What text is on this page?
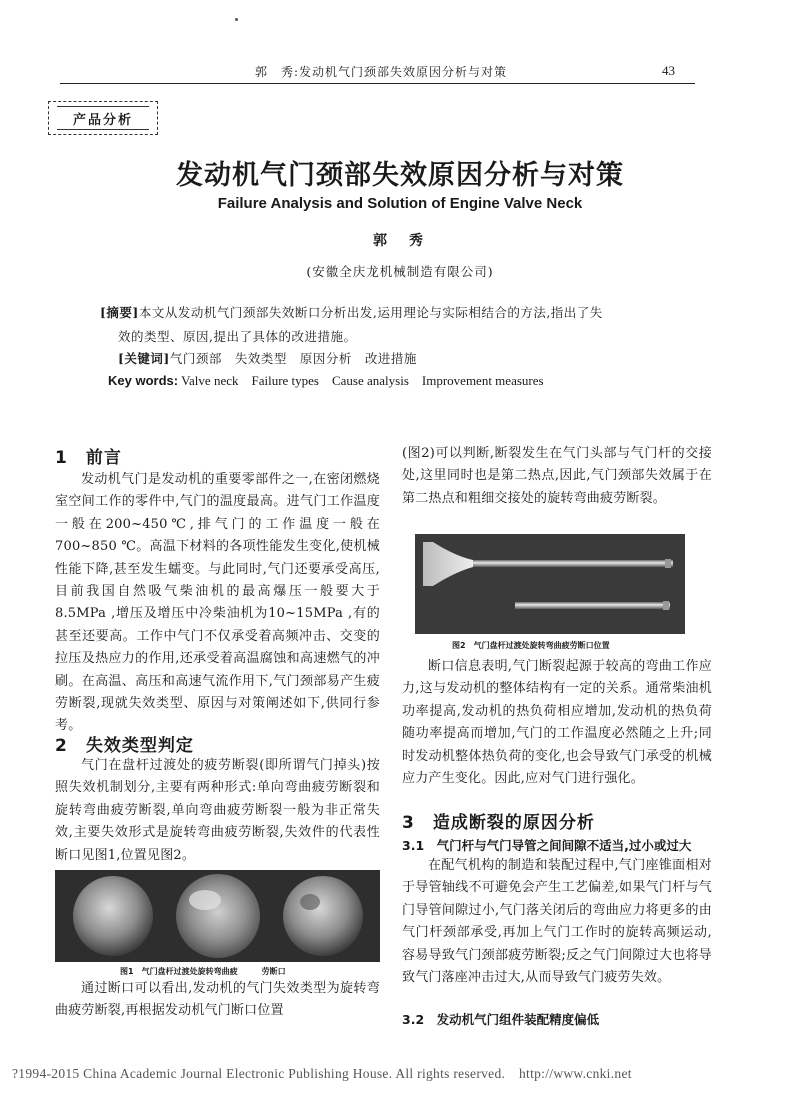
郭　秀:发动机气门颈部失效原因分析与对策	43
产品分析
发动机气门颈部失效原因分析与对策
Failure Analysis and Solution of Engine Valve Neck
郭　秀
(安徽全庆龙机械制造有限公司)
[摘要]本文从发动机气门颈部失效断口分析出发,运用理论与实际相结合的方法,指出了失
效的类型、原因,提出了具体的改进措施。
[关键词]气门颈部　失效类型　原因分析　改进措施
Key words: Valve neck　Failure types　Cause analysis　Improvement measures
1　前言

发动机气门是发动机的重要零部件之一,在密闭燃烧室空间工作的零件中,气门的温度最高。进气门工作温度一般在200~450℃,排气门的工作温度一般在700~850 ℃。高温下材料的各项性能发生变化,使机械性能下降,甚至发生蠕变。与此同时,气门还要承受高压,目前我国自然吸气柴油机的最高爆压一般要大于8.5MPa ,增压及增压中冷柴油机为10~15MPa ,有的甚至还要高。工作中气门不仅承受着高频冲击、交变的拉压及热应力的作用,还承受着高温腐蚀和高速燃气的冲刷。在高温、高压和高速气流作用下,气门颈部易产生疲劳断裂,现就失效类型、原因与对策阐述如下,供同行参考。

2　失效类型判定

气门在盘杆过渡处的疲劳断裂(即所谓气门掉头)按照失效机制划分,主要有两种形式:单向弯曲疲劳断裂和旋转弯曲疲劳断裂,单向弯曲疲劳断裂一般为非正常失效,主要失效形式是旋转弯曲疲劳断裂,失效件的代表性断口见图1,位置见图2。

图1　气门盘杆过渡处旋转弯曲疲　　　劳断口

通过断口可以看出,发动机的气门失效类型为旋转弯曲疲劳断裂,再根据发动机气门断口位置

(图2)可以判断,断裂发生在气门头部与气门杆的交接处,这里同时也是第二热点,因此,气门颈部失效属于在第二热点和粗细交接处的旋转弯曲疲劳断裂。

图2　气门盘杆过渡处旋转弯曲疲劳断口位置

断口信息表明,气门断裂起源于较高的弯曲工作应力,这与发动机的整体结构有一定的关系。通常柴油机功率提高,发动机的热负荷相应增加,发动机的热负荷随功率提高而增加,气门的工作温度必然随之上升;同时发动机整体热负荷的变化,也会导致气门承受的机械应力产生变化。因此,应对气门进行强化。

3　造成断裂的原因分析
3.1　气门杆与气门导管之间间隙不适当,过小或过大

在配气机构的制造和装配过程中,气门座锥面相对于导管轴线不可避免会产生工艺偏差,如果气门杆与气门导管间隙过小,气门落关闭后的弯曲应力将更多的由气门杆颈部承受,再加上气门工作时的旋转高频运动,容易导致气门颈部疲劳断裂;反之气门间隙过大也将导致气门落座冲击过大,从而导致气门疲劳失效。

3.2　发动机气门组件装配精度偏低
?1994-2015 China Academic Journal Electronic Publishing House. All rights reserved.　http://www.cnki.net
